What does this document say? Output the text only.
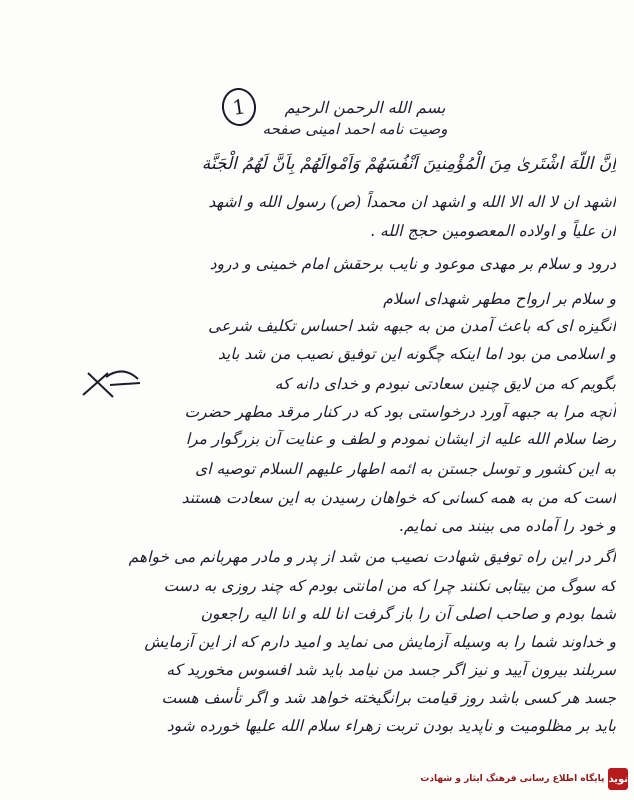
1	بسم الله الرحمن الرحیم
وصیت نامه احمد امینی صفحه
اِنَّ اللّهَ اشْتَرىٰ مِنَ الْمُؤْمِنینَ اَنْفُسَهُمْ وَاَمْوالَهُمْ بِاَنَّ لَهُمُ الْجَنَّة
اشهد ان لا اله الا الله و اشهد ان محمداً (ص) رسول الله و اشهد
ان علیاً و اولاده المعصومین حجج الله .
درود و سلام بر مهدی موعود و نایب برحقش امام خمینی و درود
و سلام بر ارواح مطهر شهدای اسلام
انگیزه ای که باعث آمدن من به جبهه شد احساس تکلیف شرعی
و اسلامی من بود اما اینکه چگونه این توفیق نصیب من شد باید
بگویم که من لایق چنین سعادتی نبودم و خدای دانه که
آنچه مرا به جبهه آورد درخواستی بود که در کنار مرقد مطهر حضرت
رضا سلام الله علیه از ایشان نمودم و لطف و عنایت آن بزرگوار مرا
به این کشور و توسل جستن به ائمه اطهار علیهم السلام توصیه ای
است که من به همه کسانی که خواهان رسیدن به این سعادت هستند
و خود را آماده می بینند می نمایم.
اگر در این راه توفیق شهادت نصیب من شد از پدر و مادر مهربانم می خواهم
که سوگ من بیتابی نکنند چرا که من امانتی بودم که چند روزی به دست
شما بودم و صاحب اصلی آن را باز گرفت انا لله و انا الیه راجعون
و خداوند شما را به وسیله آزمایش می نماید و امید دارم که از این آزمایش
سربلند بیرون آیید و نیز اگر جسد من نیامد باید شد افسوس مخورید که
جسد هر کسی باشد روز قیامت برانگیخته خواهد شد و اگر تأسف هست
باید بر مظلومیت و ناپدید بودن تربت زهراء سلام الله علیها خورده شود
پایگاه اطلاع رسانی فرهنگ ایثار و شهادت نوید
